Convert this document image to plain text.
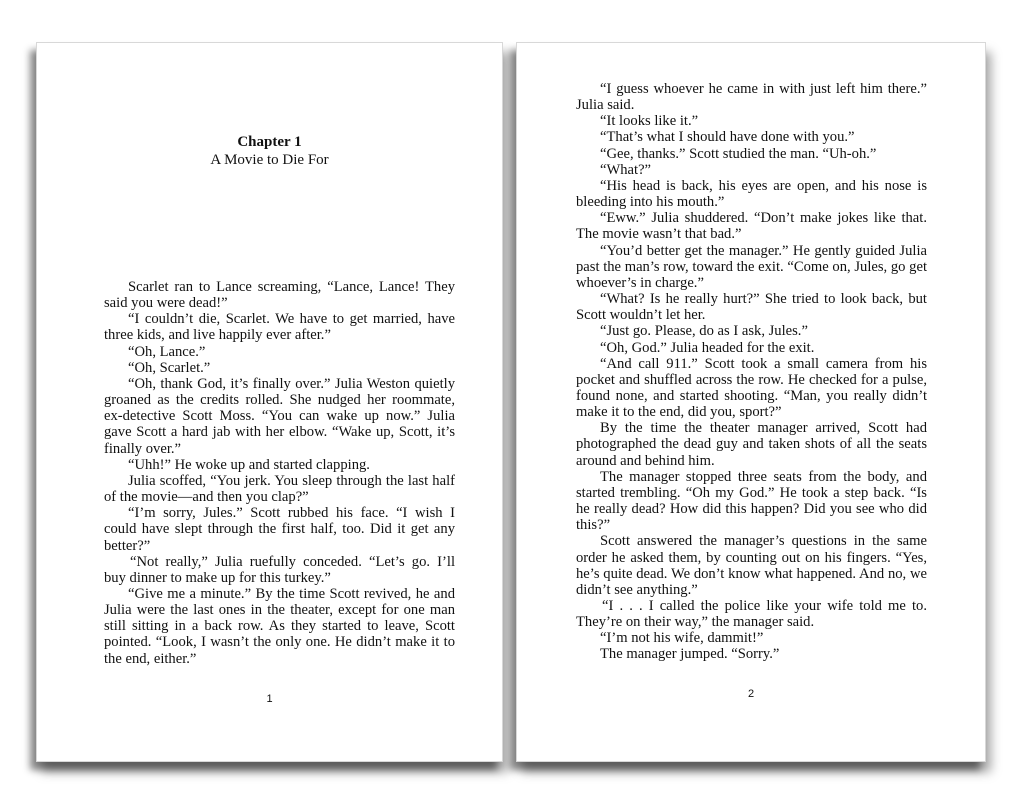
Chapter 1
A Movie to Die For

Scarlet ran to Lance screaming, “Lance, Lance! They said you were dead!”

“I couldn’t die, Scarlet. We have to get married, have three kids, and live happily ever after.”

“Oh, Lance.”

“Oh, Scarlet.”

“Oh, thank God, it’s finally over.” Julia Weston quietly groaned as the credits rolled. She nudged her roommate, ex-detective Scott Moss. “You can wake up now.” Julia gave Scott a hard jab with her elbow. “Wake up, Scott, it’s finally over.”

“Uhh!” He woke up and started clapping.

Julia scoffed, “You jerk. You sleep through the last half of the movie—and then you clap?”

“I’m sorry, Jules.” Scott rubbed his face. “I wish I could have slept through the first half, too. Did it get any better?”

“Not really,” Julia ruefully conceded. “Let’s go. I’ll buy dinner to make up for this turkey.”

“Give me a minute.” By the time Scott revived, he and Julia were the last ones in the theater, except for one man still sitting in a back row. As they started to leave, Scott pointed. “Look, I wasn’t the only one. He didn’t make it to the end, either.”

1

“I guess whoever he came in with just left him there.” Julia said.

“It looks like it.”

“That’s what I should have done with you.”

“Gee, thanks.” Scott studied the man. “Uh-oh.”

“What?”

“His head is back, his eyes are open, and his nose is bleeding into his mouth.”

“Eww.” Julia shuddered. “Don’t make jokes like that. The movie wasn’t that bad.”

“You’d better get the manager.” He gently guided Julia past the man’s row, toward the exit. “Come on, Jules, go get whoever’s in charge.”

“What? Is he really hurt?” She tried to look back, but Scott wouldn’t let her.

“Just go. Please, do as I ask, Jules.”

“Oh, God.” Julia headed for the exit.

“And call 911.” Scott took a small camera from his pocket and shuffled across the row. He checked for a pulse, found none, and started shooting. “Man, you really didn’t make it to the end, did you, sport?”

By the time the theater manager arrived, Scott had photographed the dead guy and taken shots of all the seats around and behind him.

The manager stopped three seats from the body, and started trembling. “Oh my God.” He took a step back. “Is he really dead? How did this happen? Did you see who did this?”

Scott answered the manager’s questions in the same order he asked them, by counting out on his fingers. “Yes, he’s quite dead. We don’t know what happened. And no, we didn’t see anything.”

“I . . . I called the police like your wife told me to. They’re on their way,” the manager said.

“I’m not his wife, dammit!”

The manager jumped. “Sorry.”

2
